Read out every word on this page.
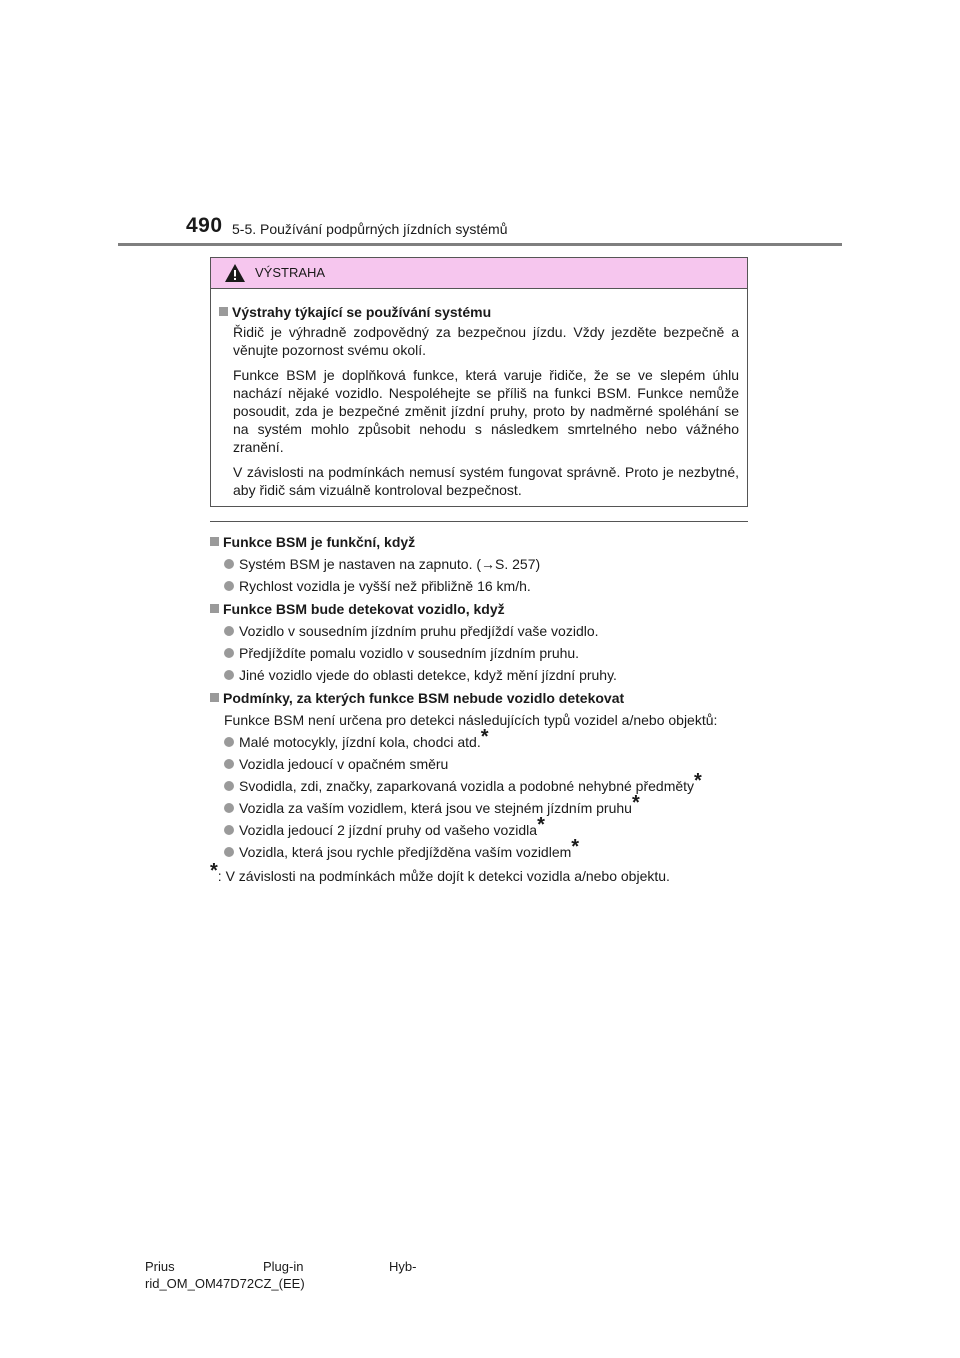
490 5-5. Používání podpůrných jízdních systémů
VÝSTRAHA
Výstrahy týkající se používání systému
Řidič je výhradně zodpovědný za bezpečnou jízdu. Vždy jezděte bezpečně a věnujte pozornost svému okolí.
Funkce BSM je doplňková funkce, která varuje řidiče, že se ve slepém úhlu nachází nějaké vozidlo. Nespoléhejte se příliš na funkci BSM. Funkce nemůže posoudit, zda je bezpečné změnit jízdní pruhy, proto by nadměrné spoléhání se na systém mohlo způsobit nehodu s následkem smrtelného nebo vážného zranění.
V závislosti na podmínkách nemusí systém fungovat správně. Proto je nezbytné, aby řidič sám vizuálně kontroloval bezpečnost.
Funkce BSM je funkční, když
Systém BSM je nastaven na zapnuto. (→S. 257)
Rychlost vozidla je vyšší než přibližně 16 km/h.
Funkce BSM bude detekovat vozidlo, když
Vozidlo v sousedním jízdním pruhu předjíždí vaše vozidlo.
Předjíždíte pomalu vozidlo v sousedním jízdním pruhu.
Jiné vozidlo vjede do oblasti detekce, když mění jízdní pruhy.
Podmínky, za kterých funkce BSM nebude vozidlo detekovat
Funkce BSM není určena pro detekci následujících typů vozidel a/nebo objektů:
Malé motocykly, jízdní kola, chodci atd.*
Vozidla jedoucí v opačném směru
Svodidla, zdi, značky, zaparkovaná vozidla a podobné nehybné předměty*
Vozidla za vaším vozidlem, která jsou ve stejném jízdním pruhu*
Vozidla jedoucí 2 jízdní pruhy od vašeho vozidla*
Vozidla, která jsou rychle předjížděna vaším vozidlem*
*: V závislosti na podmínkách může dojít k detekci vozidla a/nebo objektu.
Prius	Plug-in	Hyb-
rid_OM_OM47D72CZ_(EE)
